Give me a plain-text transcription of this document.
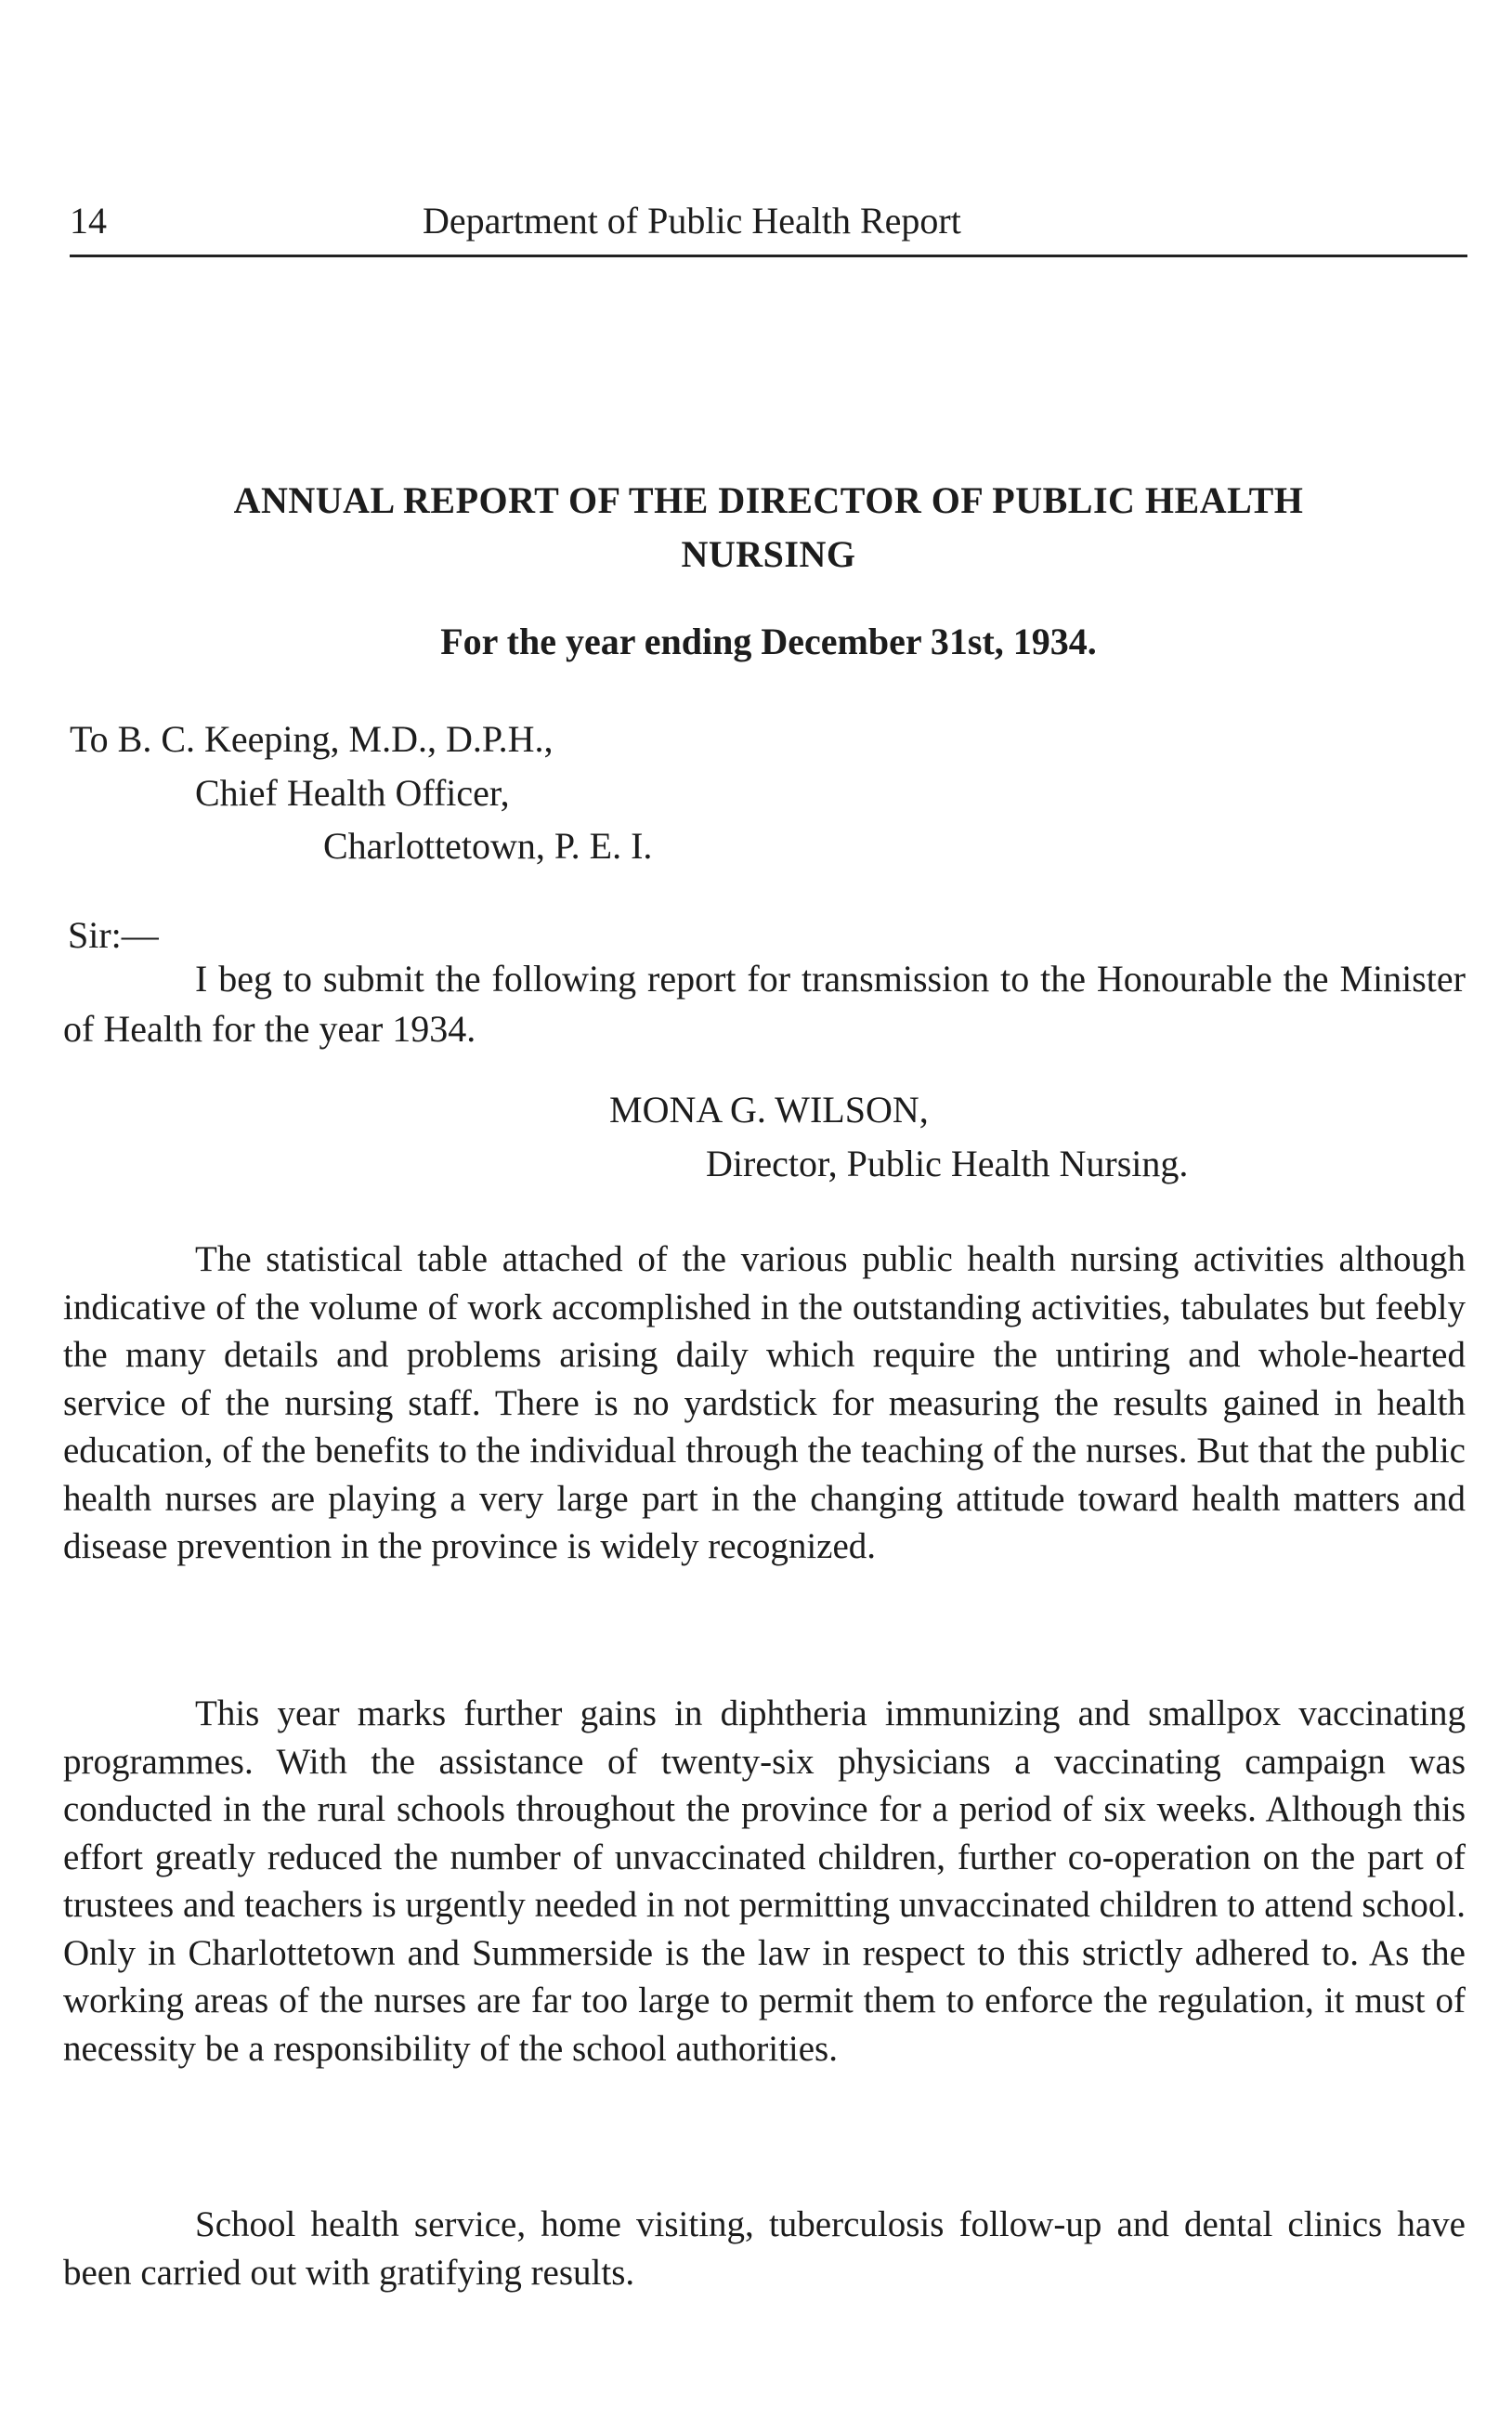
14	Department of Public Health Report
ANNUAL REPORT OF THE DIRECTOR OF PUBLIC HEALTH
NURSING
For the year ending December 31st, 1934.
To B. C. Keeping, M.D., D.P.H.,
Chief Health Officer,
Charlottetown, P. E. I.
Sir:—

I beg to submit the following report for transmission to the Honourable the Minister of Health for the year 1934.

MONA G. WILSON,
Director, Public Health Nursing.

The statistical table attached of the various public health nursing activities although indicative of the volume of work accomplished in the outstanding activities, tabulates but feebly the many details and problems arising daily which require the untiring and whole-hearted service of the nursing staff. There is no yardstick for measuring the results gained in health education, of the benefits to the individual through the teaching of the nurses. But that the public health nurses are playing a very large part in the changing attitude toward health matters and disease prevention in the province is widely recognized.

This year marks further gains in diphtheria immunizing and smallpox vaccinating programmes. With the assistance of twenty-six physicians a vaccinating campaign was conducted in the rural schools throughout the province for a period of six weeks. Although this effort greatly reduced the number of unvaccinated children, further co-operation on the part of trustees and teachers is urgently needed in not permitting unvaccinated children to attend school. Only in Charlottetown and Summerside is the law in respect to this strictly adhered to. As the working areas of the nurses are far too large to permit them to enforce the regulation, it must of necessity be a responsibility of the school authorities.

School health service, home visiting, tuberculosis follow-up and dental clinics have been carried out with gratifying results.
